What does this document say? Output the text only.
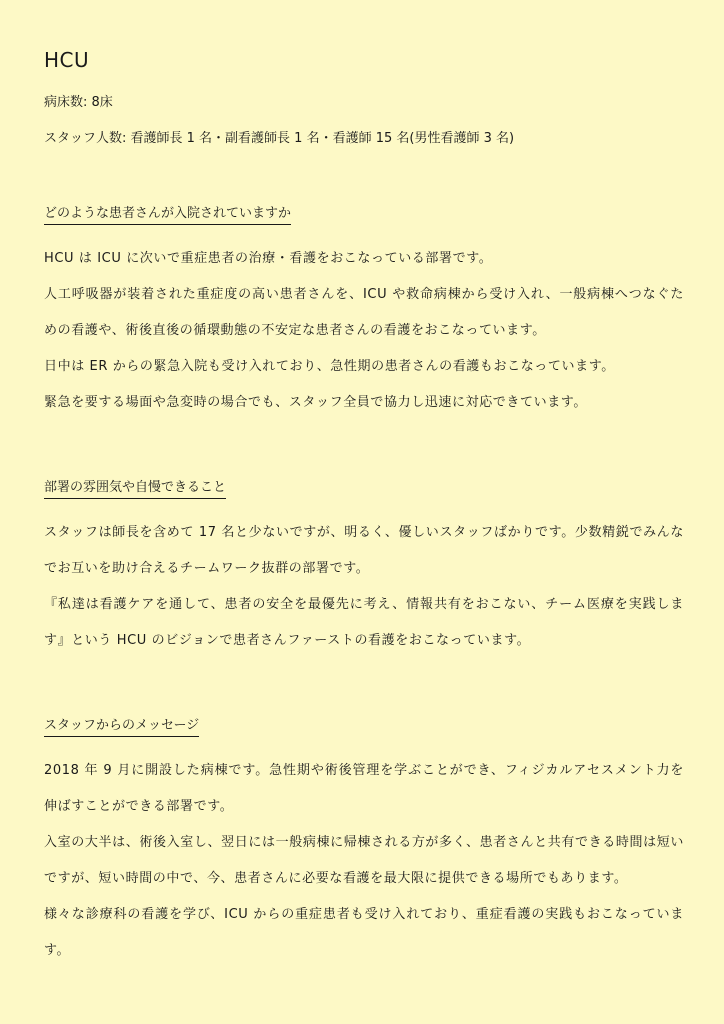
HCU

病床数: 8床

スタッフ人数: 看護師長 1 名・副看護師長 1 名・看護師 15 名(男性看護師 3 名)

どのような患者さんが入院されていますか

HCU は ICU に次いで重症患者の治療・看護をおこなっている部署です。

人工呼吸器が装着された重症度の高い患者さんを、ICU や救命病棟から受け入れ、一般病棟へつなぐための看護や、術後直後の循環動態の不安定な患者さんの看護をおこなっています。

日中は ER からの緊急入院も受け入れており、急性期の患者さんの看護もおこなっています。

緊急を要する場面や急変時の場合でも、スタッフ全員で協力し迅速に対応できています。

部署の雰囲気や自慢できること

スタッフは師長を含めて 17 名と少ないですが、明るく、優しいスタッフばかりです。少数精鋭でみんなでお互いを助け合えるチームワーク抜群の部署です。

『私達は看護ケアを通して、患者の安全を最優先に考え、情報共有をおこない、チーム医療を実践します』という HCU のビジョンで患者さんファーストの看護をおこなっています。

スタッフからのメッセージ

2018 年 9 月に開設した病棟です。急性期や術後管理を学ぶことができ、フィジカルアセスメント力を伸ばすことができる部署です。

入室の大半は、術後入室し、翌日には一般病棟に帰棟される方が多く、患者さんと共有できる時間は短いですが、短い時間の中で、今、患者さんに必要な看護を最大限に提供できる場所でもあります。

様々な診療科の看護を学び、ICU からの重症患者も受け入れており、重症看護の実践もおこなっています。
